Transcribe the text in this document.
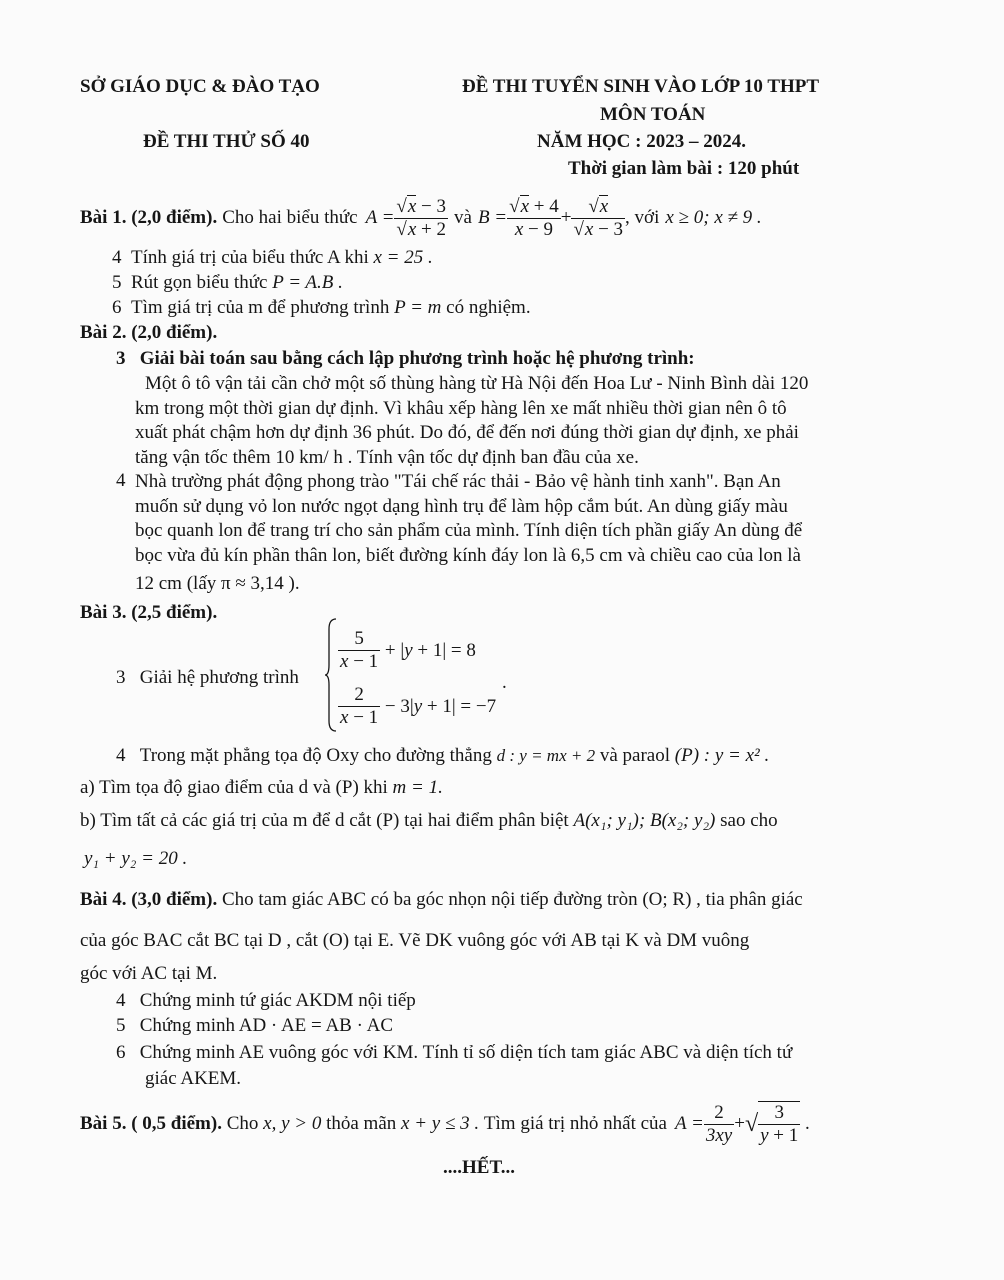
SỞ GIÁO DỤC & ĐÀO TẠO	ĐỀ THI TUYỂN SINH VÀO LỚP 10 THPT
MÔN TOÁN
ĐỀ THI THỬ SỐ 40	NĂM HỌC : 2023 – 2024.
Thời gian làm bài : 120 phút
Bài 1. (2,0 điểm). Cho hai biểu thức $A = \frac{√x - 3}{√x + 2}$ và $B = \frac{√x + 4}{x - 9} + \frac{√x}{√x - 3}$ , với x ≥ 0; x ≠ 9 .
4 Tính giá trị của biểu thức A khi x = 25 .
5 Rút gọn biểu thức P = A.B .
6 Tìm giá trị của m để phương trình P = m có nghiệm.
Bài 2. (2,0 điểm).
3 Giải bài toán sau bằng cách lập phương trình hoặc hệ phương trình:
Một ô tô vận tải cần chở một số thùng hàng từ Hà Nội đến Hoa Lư - Ninh Bình dài 120
km trong một thời gian dự định. Vì khâu xếp hàng lên xe mất nhiều thời gian nên ô tô
xuất phát chậm hơn dự định 36 phút. Do đó, để đến nơi đúng thời gian dự định, xe phải
tăng vận tốc thêm 10 km/ h . Tính vận tốc dự định ban đầu của xe.
4 Nhà trường phát động phong trào "Tái chế rác thải - Bảo vệ hành tinh xanh". Bạn An
muốn sử dụng vỏ lon nước ngọt dạng hình trụ để làm hộp cắm bút. An dùng giấy màu
bọc quanh lon để trang trí cho sản phẩm của mình. Tính diện tích phần giấy An dùng để
bọc vừa đủ kín phần thân lon, biết đường kính đáy lon là 6,5 cm và chiều cao của lon là
12 cm (lấy π ≈ 3,14 ).
Bài 3. (2,5 điểm).
3 Giải hệ phương trình
$\frac{5}{x - 1} + |y + 1| = 8$
$\frac{2}{x - 1} - 3|y + 1| = -7$
.
4 Trong mặt phẳng tọa độ Oxy cho đường thẳng d : y = mx + 2 và paraol (P) : y = x² .
a) Tìm tọa độ giao điểm của d và (P) khi m = 1.
b) Tìm tất cả các giá trị của m để d cắt (P) tại hai điểm phân biệt A(x₁; y₁); B(x₂; y₂) sao cho
y₁ + y₂ = 20 .
Bài 4. (3,0 điểm). Cho tam giác ABC có ba góc nhọn nội tiếp đường tròn (O; R) , tia phân giác
của góc BAC cắt BC tại D , cắt (O) tại E. Vẽ DK vuông góc với AB tại K và DM vuông
góc với AC tại M.
4 Chứng minh tứ giác AKDM nội tiếp
5 Chứng minh AD · AE = AB · AC
6 Chứng minh AE vuông góc với KM. Tính tỉ số diện tích tam giác ABC và diện tích tứ
giác AKEM.
Bài 5. ( 0,5 điểm).
Cho
x, y > 0
thỏa mãn
x + y ≤ 3 .
Tìm giá trị nhỏ nhất của $A = \frac{2}{3xy}$ + √ $\frac{3}{y + 1}$ .
....HẾT...
